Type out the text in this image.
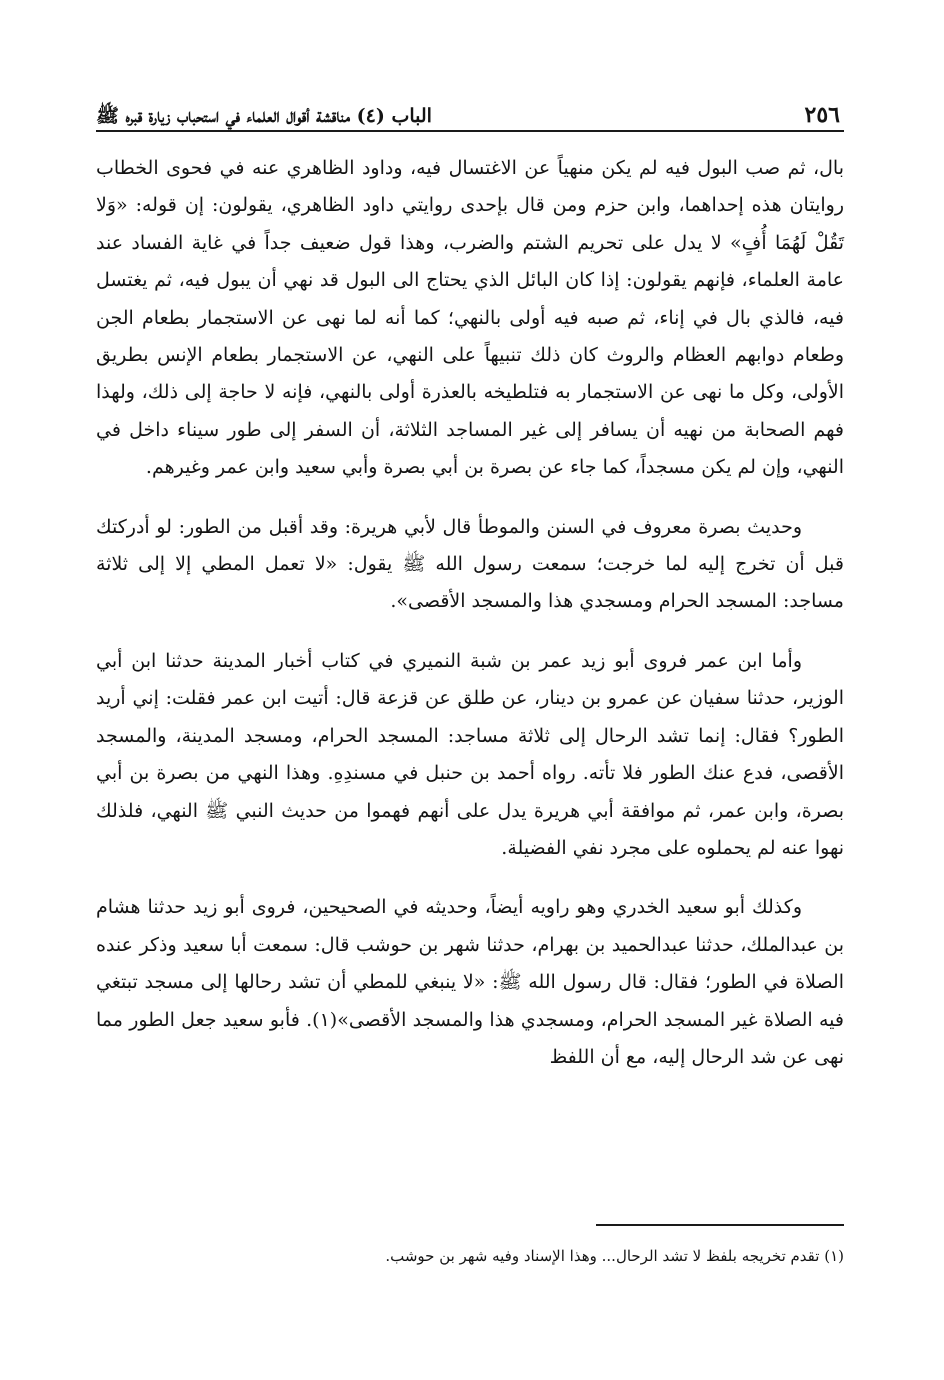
٢٥٦
الباب (٤) مناقشة أقوال العلماء في استحباب زيارة قبره ﷺ

بال، ثم صب البول فيه لم يكن منهياً عن الاغتسال فيه، وداود الظاهري عنه في فحوى الخطاب روايتان هذه إحداهما، وابن حزم ومن قال بإحدى روايتي داود الظاهري، يقولون: إن قوله: «وَلا تَقُلْ لَهُمَا أُفٍ» لا يدل على تحريم الشتم والضرب، وهذا قول ضعيف جداً في غاية الفساد عند عامة العلماء، فإنهم يقولون: إذا كان البائل الذي يحتاج الى البول قد نهي أن يبول فيه، ثم يغتسل فيه، فالذي بال في إناء، ثم صبه فيه أولى بالنهي؛ كما أنه لما نهى عن الاستجمار بطعام الجن وطعام دوابهم العظام والروث كان ذلك تنبيهاً على النهي، عن الاستجمار بطعام الإنس بطريق الأولى، وكل ما نهى عن الاستجمار به فتلطيخه بالعذرة أولى بالنهي، فإنه لا حاجة إلى ذلك، ولهذا فهم الصحابة من نهيه أن يسافر إلى غير المساجد الثلاثة، أن السفر إلى طور سيناء داخل في النهي، وإن لم يكن مسجداً، كما جاء عن بصرة بن أبي بصرة وأبي سعيد وابن عمر وغيرهم.

وحديث بصرة معروف في السنن والموطأ قال لأبي هريرة: وقد أقبل من الطور: لو أدركتك قبل أن تخرج إليه لما خرجت؛ سمعت رسول الله ﷺ يقول: «لا تعمل المطي إلا إلى ثلاثة مساجد: المسجد الحرام ومسجدي هذا والمسجد الأقصى».

وأما ابن عمر فروى أبو زيد عمر بن شبة النميري في كتاب أخبار المدينة حدثنا ابن أبي الوزير، حدثنا سفيان عن عمرو بن دينار، عن طلق عن قزعة قال: أتيت ابن عمر فقلت: إني أريد الطور؟ فقال: إنما تشد الرحال إلى ثلاثة مساجد: المسجد الحرام، ومسجد المدينة، والمسجد الأقصى، فدع عنك الطور فلا تأته. رواه أحمد بن حنبل في مسندِهِ. وهذا النهي من بصرة بن أبي بصرة، وابن عمر، ثم موافقة أبي هريرة يدل على أنهم فهموا من حديث النبي ﷺ النهي، فلذلك نهوا عنه لم يحملوه على مجرد نفي الفضيلة.

وكذلك أبو سعيد الخدري وهو راويه أيضاً، وحديثه في الصحيحين، فروى أبو زيد حدثنا هشام بن عبدالملك، حدثنا عبدالحميد بن بهرام، حدثنا شهر بن حوشب قال: سمعت أبا سعيد وذكر عنده الصلاة في الطور؛ فقال: قال رسول الله ﷺ: «لا ينبغي للمطي أن تشد رحالها إلى مسجد تبتغي فيه الصلاة غير المسجد الحرام، ومسجدي هذا والمسجد الأقصى»(١). فأبو سعيد جعل الطور مما نهى عن شد الرحال إليه، مع أن اللفظ

(١) تقدم تخريجه بلفظ لا تشد الرحال... وهذا الإسناد وفيه شهر بن حوشب.
